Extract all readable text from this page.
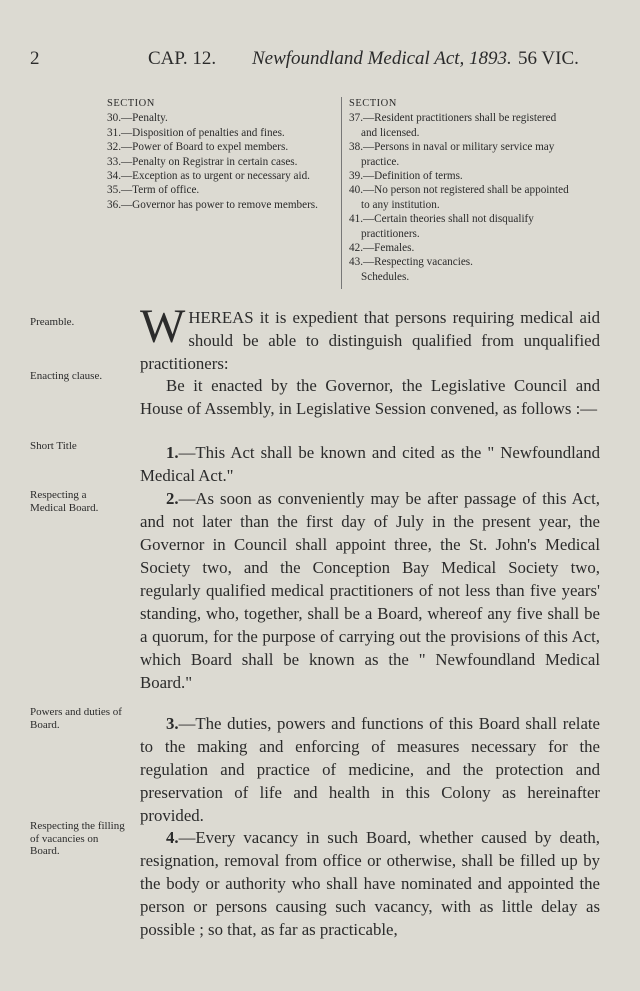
2	CAP. 12. Newfoundland Medical Act, 1893. 56 VIC.
SECTION
30.—Penalty.
31.—Disposition of penalties and fines.
32.—Power of Board to expel members.
33.—Penalty on Registrar in certain cases.
34.—Exception as to urgent or necessary aid.
35.—Term of office.
36.—Governor has power to remove members.
SECTION
37.—Resident practitioners shall be registered and licensed.
38.—Persons in naval or military service may practice.
39.—Definition of terms.
40.—No person not registered shall be appointed to any institution.
41.—Certain theories shall not disqualify practitioners.
42.—Females.
43.—Respecting vacancies.
Schedules.
Preamble.
Enacting clause.
Short Title
Respecting a Medical Board.
Powers and duties of Board.
Respecting the filling of vacancies on Board.
WHEREAS it is expedient that persons requiring medical aid should be able to distinguish qualified from unqualified practitioners:
Be it enacted by the Governor, the Legislative Council and House of Assembly, in Legislative Session convened, as follows :—
1.—This Act shall be known and cited as the " Newfoundland Medical Act."
2.—As soon as conveniently may be after passage of this Act, and not later than the first day of July in the present year, the Governor in Council shall appoint three, the St. John's Medical Society two, and the Conception Bay Medical Society two, regularly qualified medical practitioners of not less than five years' standing, who, together, shall be a Board, whereof any five shall be a quorum, for the purpose of carrying out the provisions of this Act, which Board shall be known as the " Newfoundland Medical Board."
3.—The duties, powers and functions of this Board shall relate to the making and enforcing of measures necessary for the regulation and practice of medicine, and the protection and preservation of life and health in this Colony as hereinafter provided.
4.—Every vacancy in such Board, whether caused by death, resignation, removal from office or otherwise, shall be filled up by the body or authority who shall have nominated and appointed the person or persons causing such vacancy, with as little delay as possible ; so that, as far as practicable,
